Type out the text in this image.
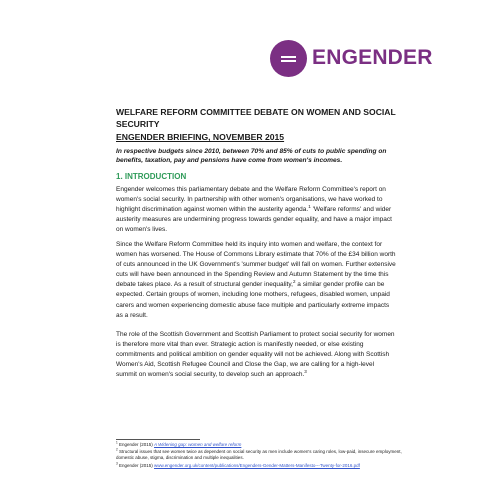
ENGENDER
WELFARE REFORM COMMITTEE DEBATE ON WOMEN AND SOCIAL SECURITY
ENGENDER BRIEFING, NOVEMBER 2015
In respective budgets since 2010, between 70% and 85% of cuts to public spending on benefits, taxation, pay and pensions have come from women's incomes.
1. INTRODUCTION

Engender welcomes this parliamentary debate and the Welfare Reform Committee's report on women's social security. In partnership with other women's organisations, we have worked to highlight discrimination against women within the austerity agenda.$^1$ 'Welfare reforms' and wider austerity measures are undermining progress towards gender equality, and have a major impact on women's lives.

Since the Welfare Reform Committee held its inquiry into women and welfare, the context for women has worsened. The House of Commons Library estimate that 70% of the £34 billion worth of cuts announced in the UK Government's 'summer budget' will fall on women. Further extensive cuts will have been announced in the Spending Review and Autumn Statement by the time this debate takes place. As a result of structural gender inequality,$^2$ a similar gender profile can be expected. Certain groups of women, including lone mothers, refugees, disabled women, unpaid carers and women experiencing domestic abuse face multiple and particularly extreme impacts as a result.

The role of the Scottish Government and Scottish Parliament to protect social security for women is therefore more vital than ever. Strategic action is manifestly needed, or else existing commitments and political ambition on gender equality will not be achieved. Along with Scottish Women's Aid, Scottish Refugee Council and Close the Gap, we are calling for a high-level summit on women's social security, to develop such an approach.$^3$

$^1$ Engender (2015) A Widening gap: women and welfare reform
$^2$ Structural issues that see women twice as dependent on social security as men include women's caring roles, low-paid, insecure employment, domestic abuse, stigma, discrimination and multiple inequalities.
$^3$ Engender (2015) www.engender.org.uk/content/publications/Engenders-Gender-Matters-Manifesto---Twenty-for-2016.pdf
